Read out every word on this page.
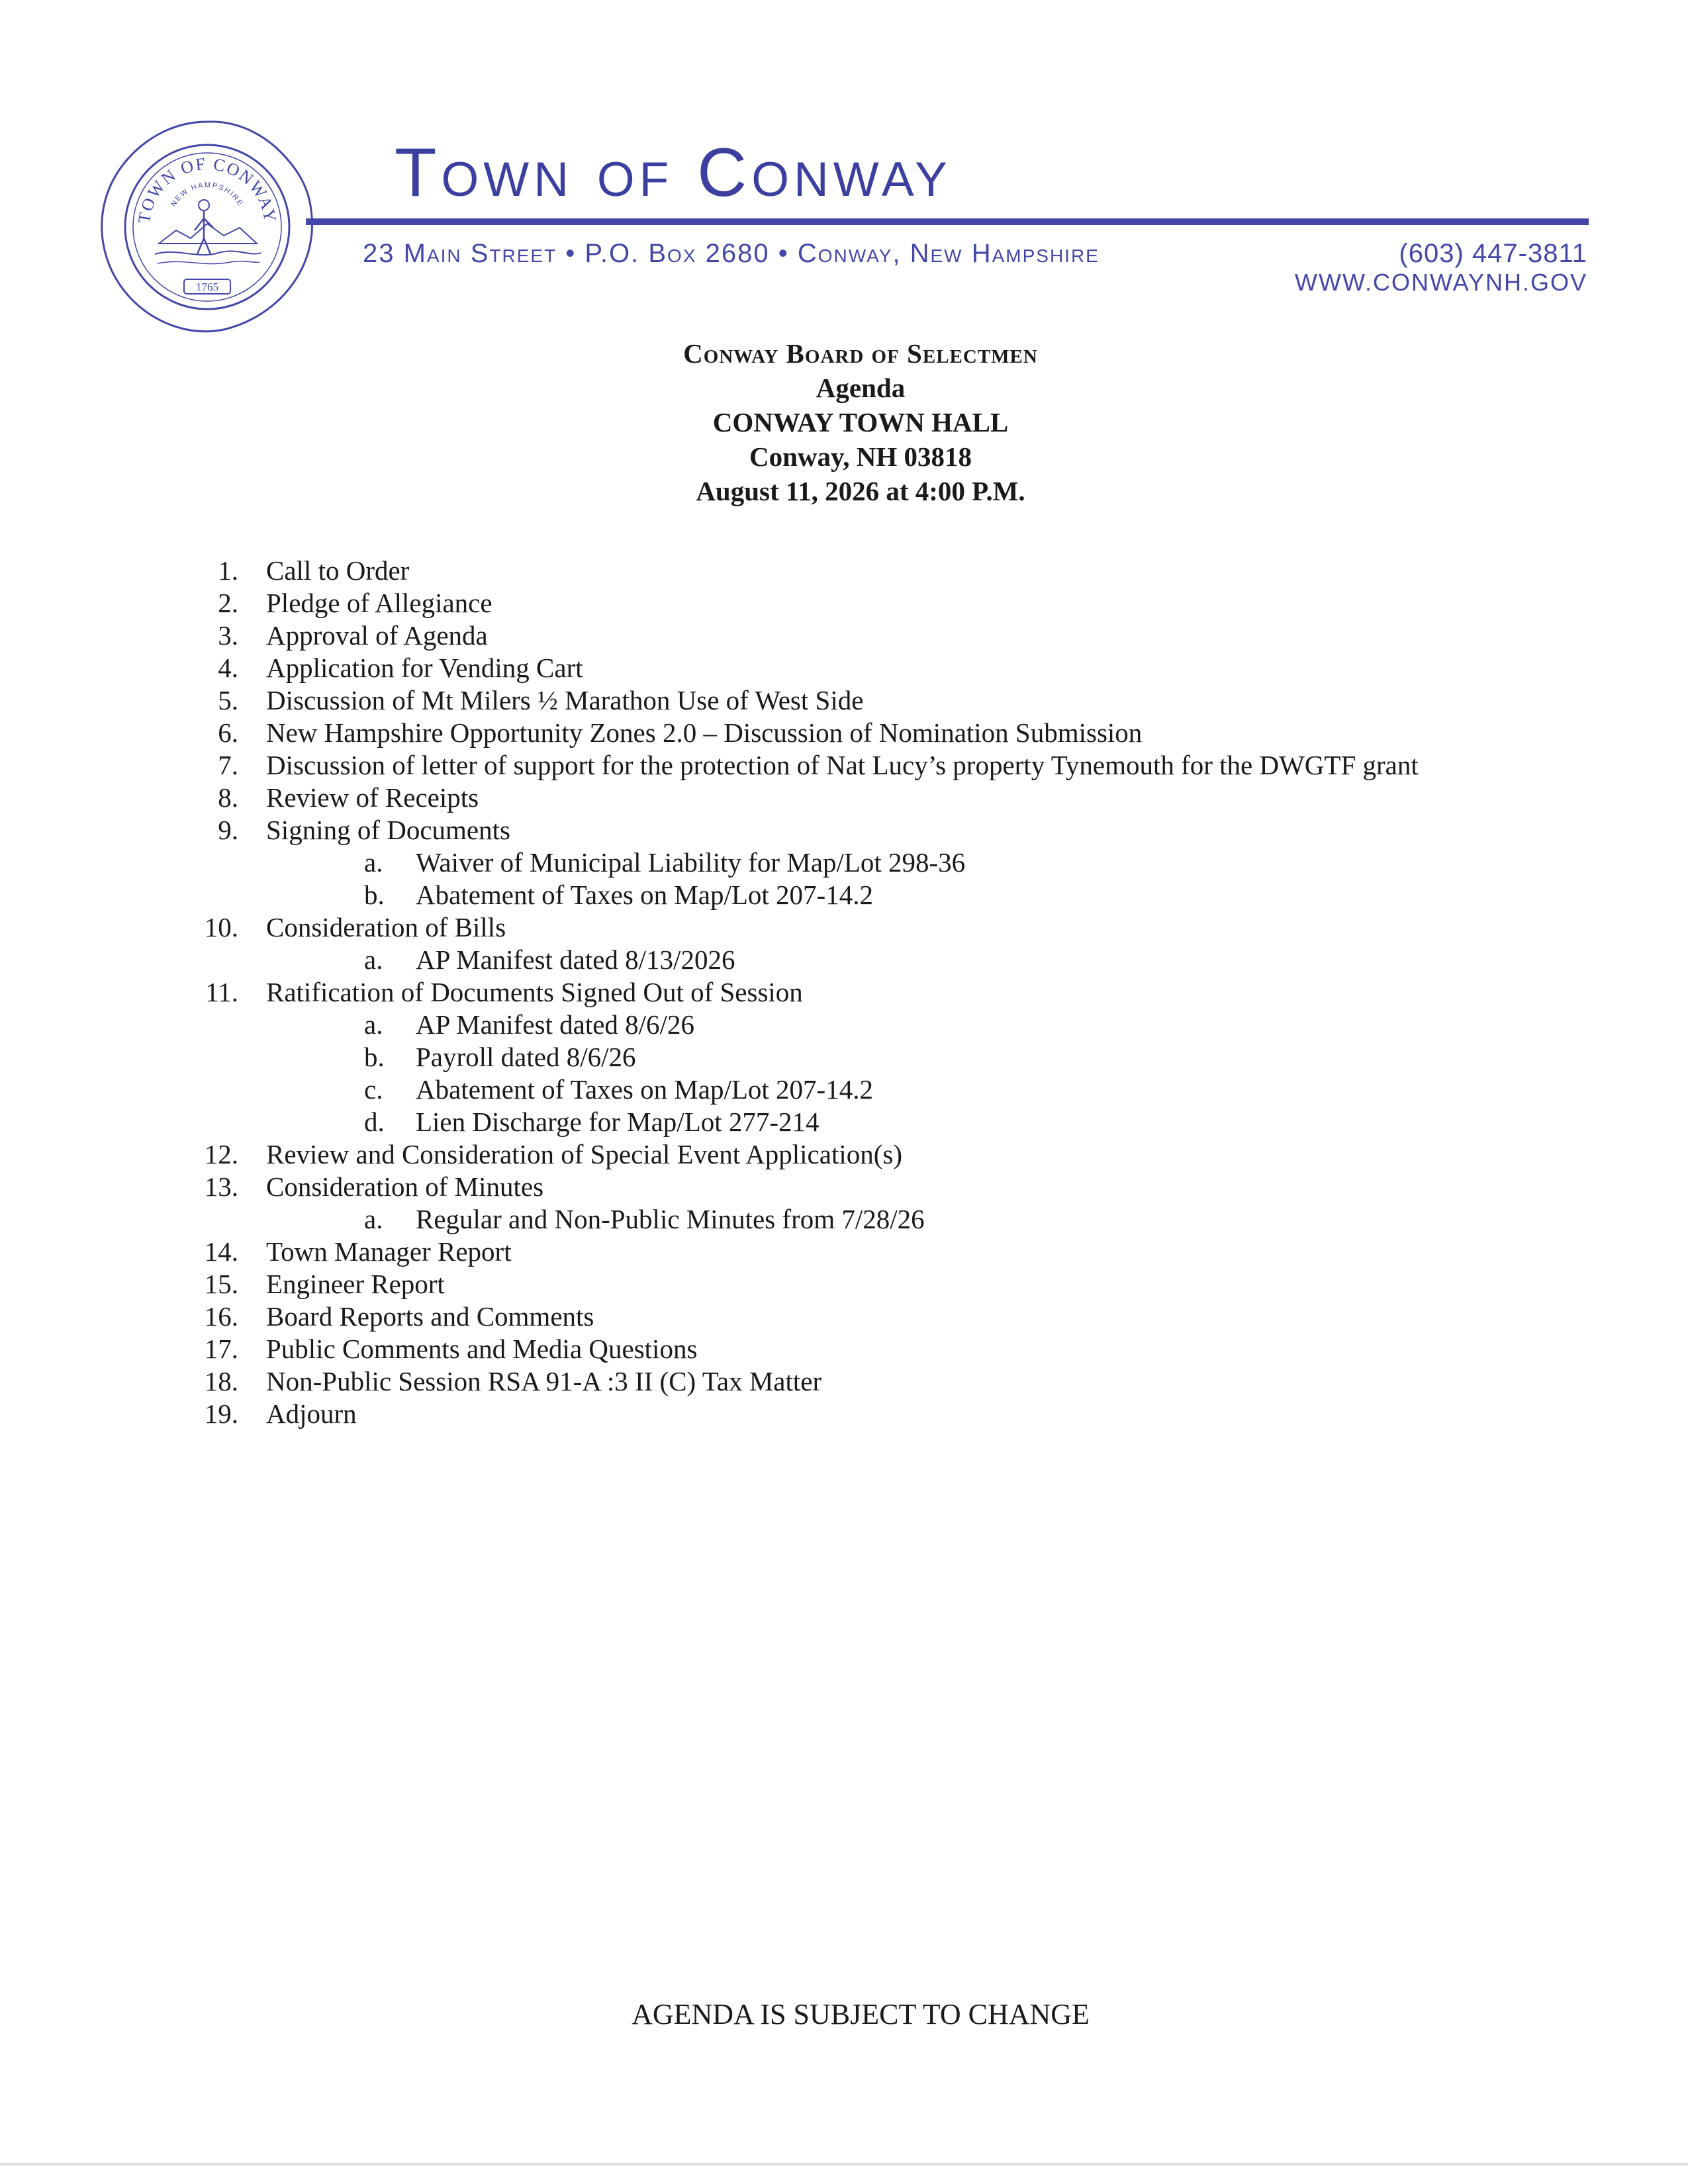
TOWN OF CONWAY
NEW HAMPSHIRE
1765
Town of Conway
23 Main Street • P.O. Box 2680 • Conway, New Hampshire	(603) 447-3811
WWW.CONWAYNH.GOV
Conway Board of Selectmen
Agenda
CONWAY TOWN HALL
Conway, NH 03818
August 11, 2026 at 4:00 P.M.
1. Call to Order
2. Pledge of Allegiance
3. Approval of Agenda
4. Application for Vending Cart
5. Discussion of Mt Milers ½ Marathon Use of West Side
6. New Hampshire Opportunity Zones 2.0 – Discussion of Nomination Submission
7. Discussion of letter of support for the protection of Nat Lucy’s property Tynemouth for the DWGTF grant
8. Review of Receipts
9. Signing of Documents
a. Waiver of Municipal Liability for Map/Lot 298-36
b. Abatement of Taxes on Map/Lot 207-14.2
10. Consideration of Bills
a. AP Manifest dated 8/13/2026
11. Ratification of Documents Signed Out of Session
a. AP Manifest dated 8/6/26
b. Payroll dated 8/6/26
c. Abatement of Taxes on Map/Lot 207-14.2
d. Lien Discharge for Map/Lot 277-214
12. Review and Consideration of Special Event Application(s)
13. Consideration of Minutes
a. Regular and Non-Public Minutes from 7/28/26
14. Town Manager Report
15. Engineer Report
16. Board Reports and Comments
17. Public Comments and Media Questions
18. Non-Public Session RSA 91-A :3 II (C) Tax Matter
19. Adjourn
AGENDA IS SUBJECT TO CHANGE
